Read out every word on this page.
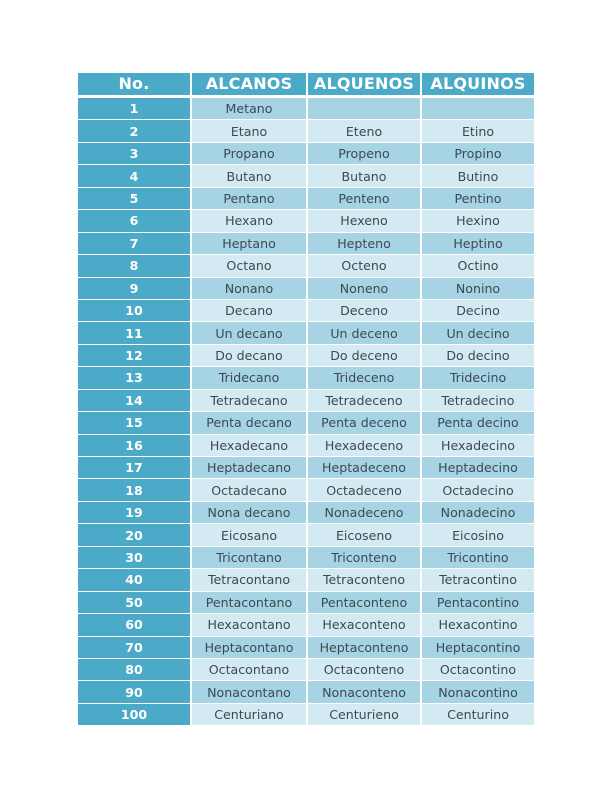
No.	ALCANOS	ALQUENOS	ALQUINOS
1	Metano		
2	Etano	Eteno	Etino
3	Propano	Propeno	Propino
4	Butano	Butano	Butino
5	Pentano	Penteno	Pentino
6	Hexano	Hexeno	Hexino
7	Heptano	Hepteno	Heptino
8	Octano	Octeno	Octino
9	Nonano	Noneno	Nonino
10	Decano	Deceno	Decino
11	Un decano	Un deceno	Un decino
12	Do decano	Do deceno	Do decino
13	Tridecano	Trideceno	Tridecino
14	Tetradecano	Tetradeceno	Tetradecino
15	Penta decano	Penta deceno	Penta decino
16	Hexadecano	Hexadeceno	Hexadecino
17	Heptadecano	Heptadeceno	Heptadecino
18	Octadecano	Octadeceno	Octadecino
19	Nona decano	Nonadeceno	Nonadecino
20	Eicosano	Eicoseno	Eicosino
30	Tricontano	Triconteno	Tricontino
40	Tetracontano	Tetraconteno	Tetracontino
50	Pentacontano	Pentaconteno	Pentacontino
60	Hexacontano	Hexaconteno	Hexacontino
70	Heptacontano	Heptaconteno	Heptacontino
80	Octacontano	Octaconteno	Octacontino
90	Nonacontano	Nonaconteno	Nonacontino
100	Centuriano	Centurieno	Centurino
